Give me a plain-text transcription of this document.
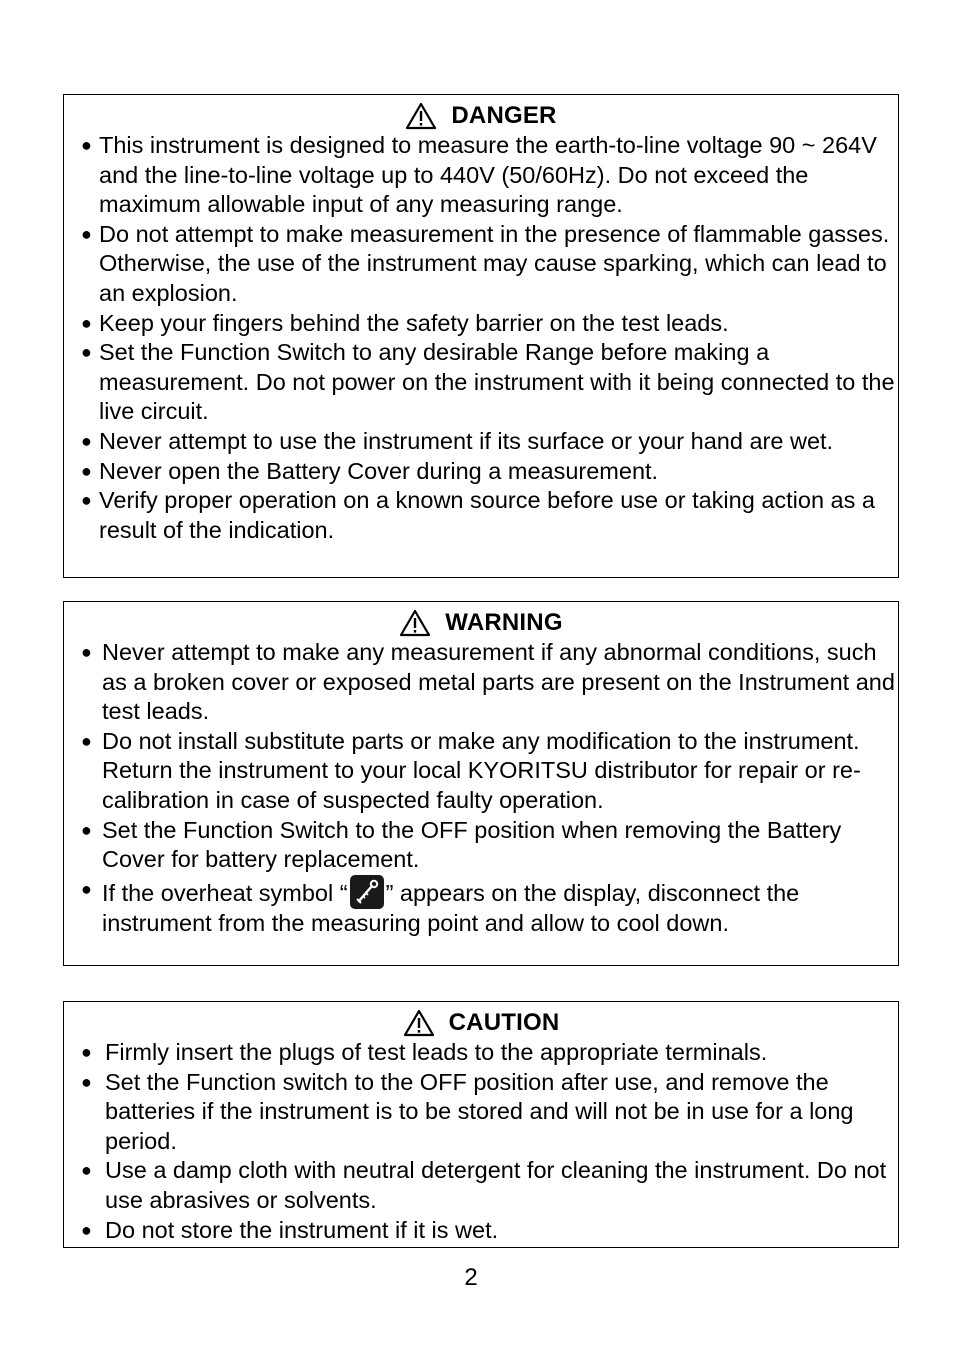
DANGER
● This instrument is designed to measure the earth-to-line voltage 90 ~ 264V and the line-to-line voltage up to 440V (50/60Hz). Do not exceed the maximum allowable input of any measuring range.
● Do not attempt to make measurement in the presence of flammable gasses. Otherwise, the use of the instrument may cause sparking, which can lead to an explosion.
● Keep your fingers behind the safety barrier on the test leads.
● Set the Function Switch to any desirable Range before making a measurement. Do not power on the instrument with it being connected to the live circuit.
● Never attempt to use the instrument if its surface or your hand are wet.
● Never open the Battery Cover during a measurement.
● Verify proper operation on a known source before use or taking action as a result of the indication.
WARNING
● Never attempt to make any measurement if any abnormal conditions, such as a broken cover or exposed metal parts are present on the Instrument and test leads.
● Do not install substitute parts or make any modification to the instrument. Return the instrument to your local KYORITSU distributor for repair or re-calibration in case of suspected faulty operation.
● Set the Function Switch to the OFF position when removing the Battery Cover for battery replacement.
● If the overheat symbol “ ” appears on the display, disconnect the instrument from the measuring point and allow to cool down.
CAUTION
● Firmly insert the plugs of test leads to the appropriate terminals.
● Set the Function switch to the OFF position after use, and remove the batteries if the instrument is to be stored and will not be in use for a long period.
● Use a damp cloth with neutral detergent for cleaning the instrument. Do not use abrasives or solvents.
● Do not store the instrument if it is wet.
2
